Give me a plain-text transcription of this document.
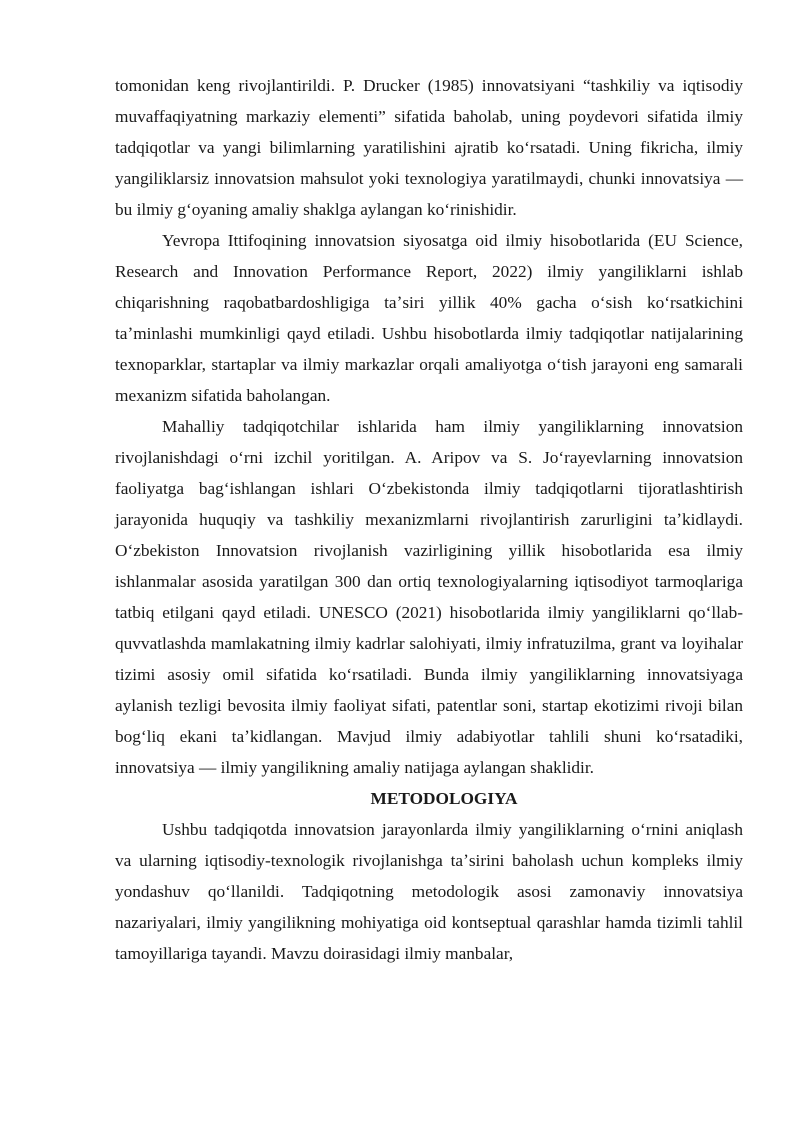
tomonidan keng rivojlantirildi. P. Drucker (1985) innovatsiyani “tashkiliy va iqtisodiy muvaffaqiyatning markaziy elementi” sifatida baholab, uning poydevori sifatida ilmiy tadqiqotlar va yangi bilimlarning yaratilishini ajratib koʻrsatadi. Uning fikricha, ilmiy yangiliklarsiz innovatsion mahsulot yoki texnologiya yaratilmaydi, chunki innovatsiya — bu ilmiy gʻoyaning amaliy shaklga aylangan koʻrinishidir.

Yevropa Ittifoqining innovatsion siyosatga oid ilmiy hisobotlarida (EU Science, Research and Innovation Performance Report, 2022) ilmiy yangiliklarni ishlab chiqarishning raqobatbardoshligiga taʼsiri yillik 40% gacha oʻsish koʻrsatkichini taʼminlashi mumkinligi qayd etiladi. Ushbu hisobotlarda ilmiy tadqiqotlar natijalarining texnoparklar, startaplar va ilmiy markazlar orqali amaliyotga oʻtish jarayoni eng samarali mexanizm sifatida baholangan.

Mahalliy tadqiqotchilar ishlarida ham ilmiy yangiliklarning innovatsion rivojlanishdagi oʻrni izchil yoritilgan. A. Aripov va S. Joʻrayevlarning innovatsion faoliyatga bagʻishlangan ishlari Oʻzbekistonda ilmiy tadqiqotlarni tijoratlashtirish jarayonida huquqiy va tashkiliy mexanizmlarni rivojlantirish zarurligini taʼkidlaydi. Oʻzbekiston Innovatsion rivojlanish vazirligining yillik hisobotlarida esa ilmiy ishlanmalar asosida yaratilgan 300 dan ortiq texnologiyalarning iqtisodiyot tarmoqlariga tatbiq etilgani qayd etiladi. UNESCO (2021) hisobotlarida ilmiy yangiliklarni qoʻllab-quvvatlashda mamlakatning ilmiy kadrlar salohiyati, ilmiy infratuzilma, grant va loyihalar tizimi asosiy omil sifatida koʻrsatiladi. Bunda ilmiy yangiliklarning innovatsiyaga aylanish tezligi bevosita ilmiy faoliyat sifati, patentlar soni, startap ekotizimi rivoji bilan bogʻliq ekani taʼkidlangan. Mavjud ilmiy adabiyotlar tahlili shuni koʻrsatadiki, innovatsiya — ilmiy yangilikning amaliy natijaga aylangan shaklidir.

METODOLOGIYA

Ushbu tadqiqotda innovatsion jarayonlarda ilmiy yangiliklarning oʻrnini aniqlash va ularning iqtisodiy-texnologik rivojlanishga taʼsirini baholash uchun kompleks ilmiy yondashuv qoʻllanildi. Tadqiqotning metodologik asosi zamonaviy innovatsiya nazariyalari, ilmiy yangilikning mohiyatiga oid kontseptual qarashlar hamda tizimli tahlil tamoyillariga tayandi. Mavzu doirasidagi ilmiy manbalar,
